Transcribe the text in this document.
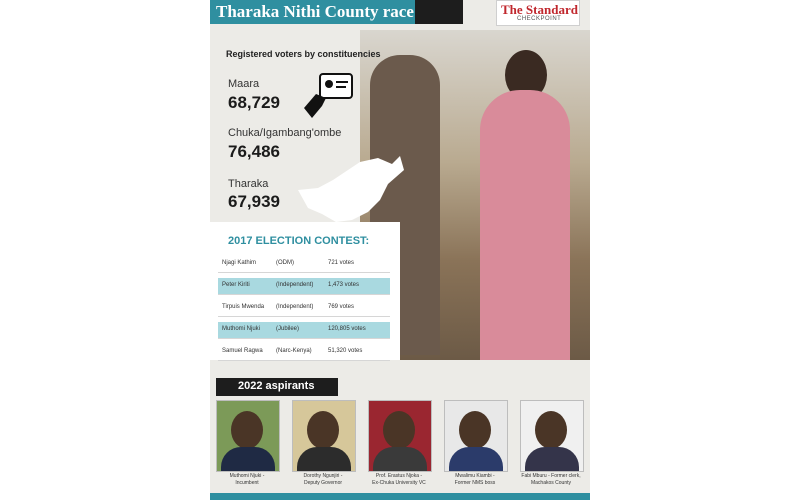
Tharaka Nithi County race	The Standard
CHECKPOINT
Registered voters by constituencies
Maara
68,729
Chuka/Igambang'ombe
76,486
Tharaka
67,939
2017 ELECTION CONTEST:
Njagi Kathim	(ODM)	721 votes
Peter Kiriti	(Independent) 1,473 votes
Tirpuis Mwenda (Independent) 769 votes
Muthomi Njuki	(Jubilee)	120,805 votes
Samuel Ragwa (Narc-Kenya)	51,320 votes
2022 aspirants
Muthomi Njuki -
Incumbent
Dorothy Ngunjiri -
Deputy Governor
Prof. Erastus Njoka -
Ex-Chuka University VC
Mwalimu Kiambi -
Former NMS boss
Fabi Mburu - Former clerk,
Machakos County
